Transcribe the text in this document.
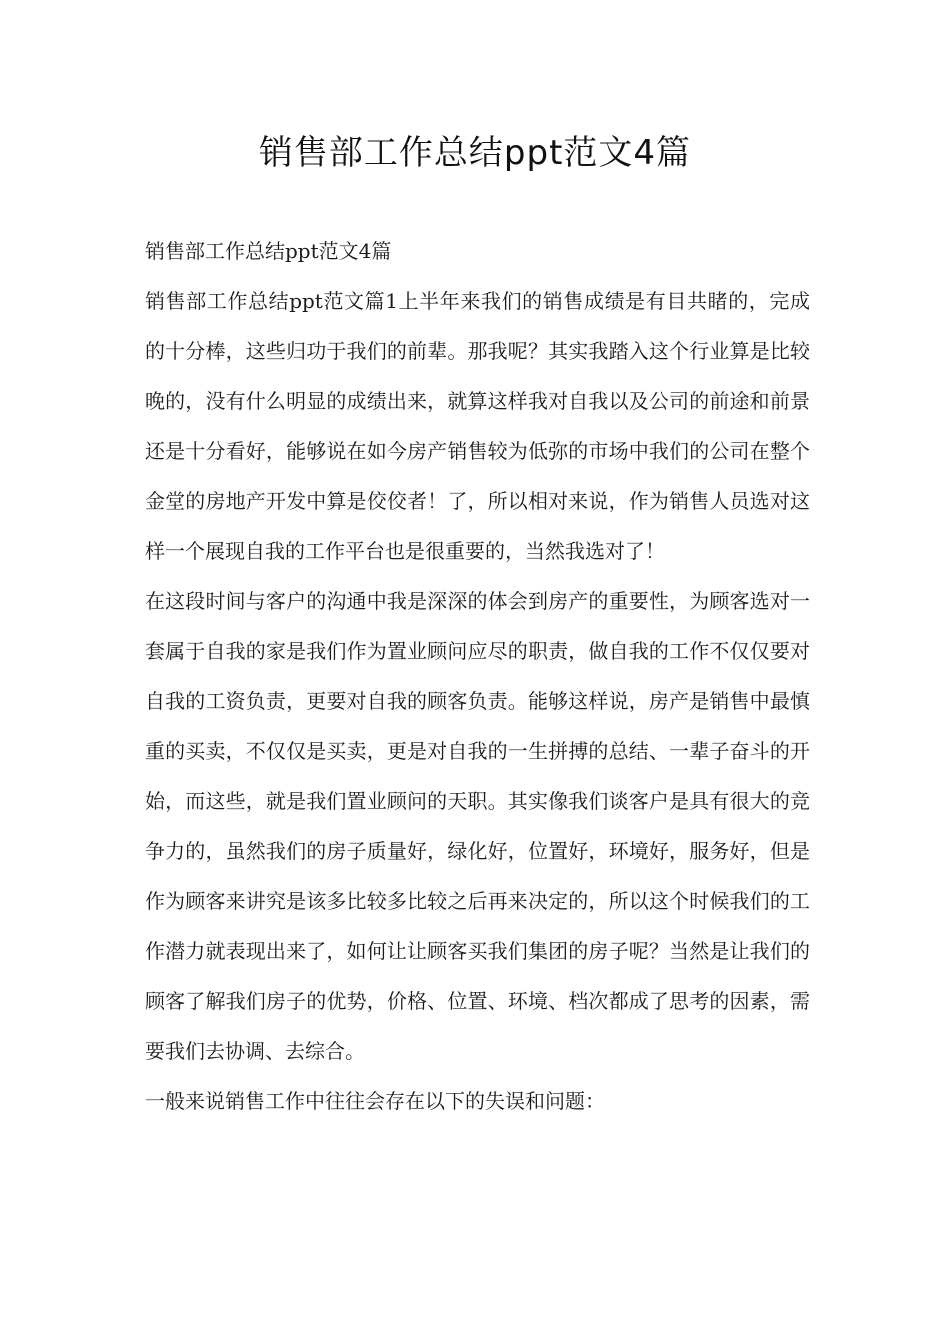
销售部工作总结ppt范文4篇

销售部工作总结ppt范文4篇

销售部工作总结ppt范文篇1上半年来我们的销售成绩是有目共睹的，完成的十分棒，这些归功于我们的前辈。那我呢？其实我踏入这个行业算是比较晚的，没有什么明显的成绩出来，就算这样我对自我以及公司的前途和前景还是十分看好，能够说在如今房产销售较为低弥的市场中我们的公司在整个金堂的房地产开发中算是佼佼者！了，所以相对来说，作为销售人员选对这样一个展现自我的工作平台也是很重要的，当然我选对了！

在这段时间与客户的沟通中我是深深的体会到房产的重要性，为顾客选对一套属于自我的家是我们作为置业顾问应尽的职责，做自我的工作不仅仅要对自我的工资负责，更要对自我的顾客负责。能够这样说，房产是销售中最慎重的买卖，不仅仅是买卖，更是对自我的一生拼搏的总结、一辈子奋斗的开始，而这些，就是我们置业顾问的天职。其实像我们谈客户是具有很大的竞争力的，虽然我们的房子质量好，绿化好，位置好，环境好，服务好，但是作为顾客来讲究是该多比较多比较之后再来决定的，所以这个时候我们的工作潜力就表现出来了，如何让让顾客买我们集团的房子呢？当然是让我们的顾客了解我们房子的优势，价格、位置、环境、档次都成了思考的因素，需要我们去协调、去综合。

一般来说销售工作中往往会存在以下的失误和问题：
